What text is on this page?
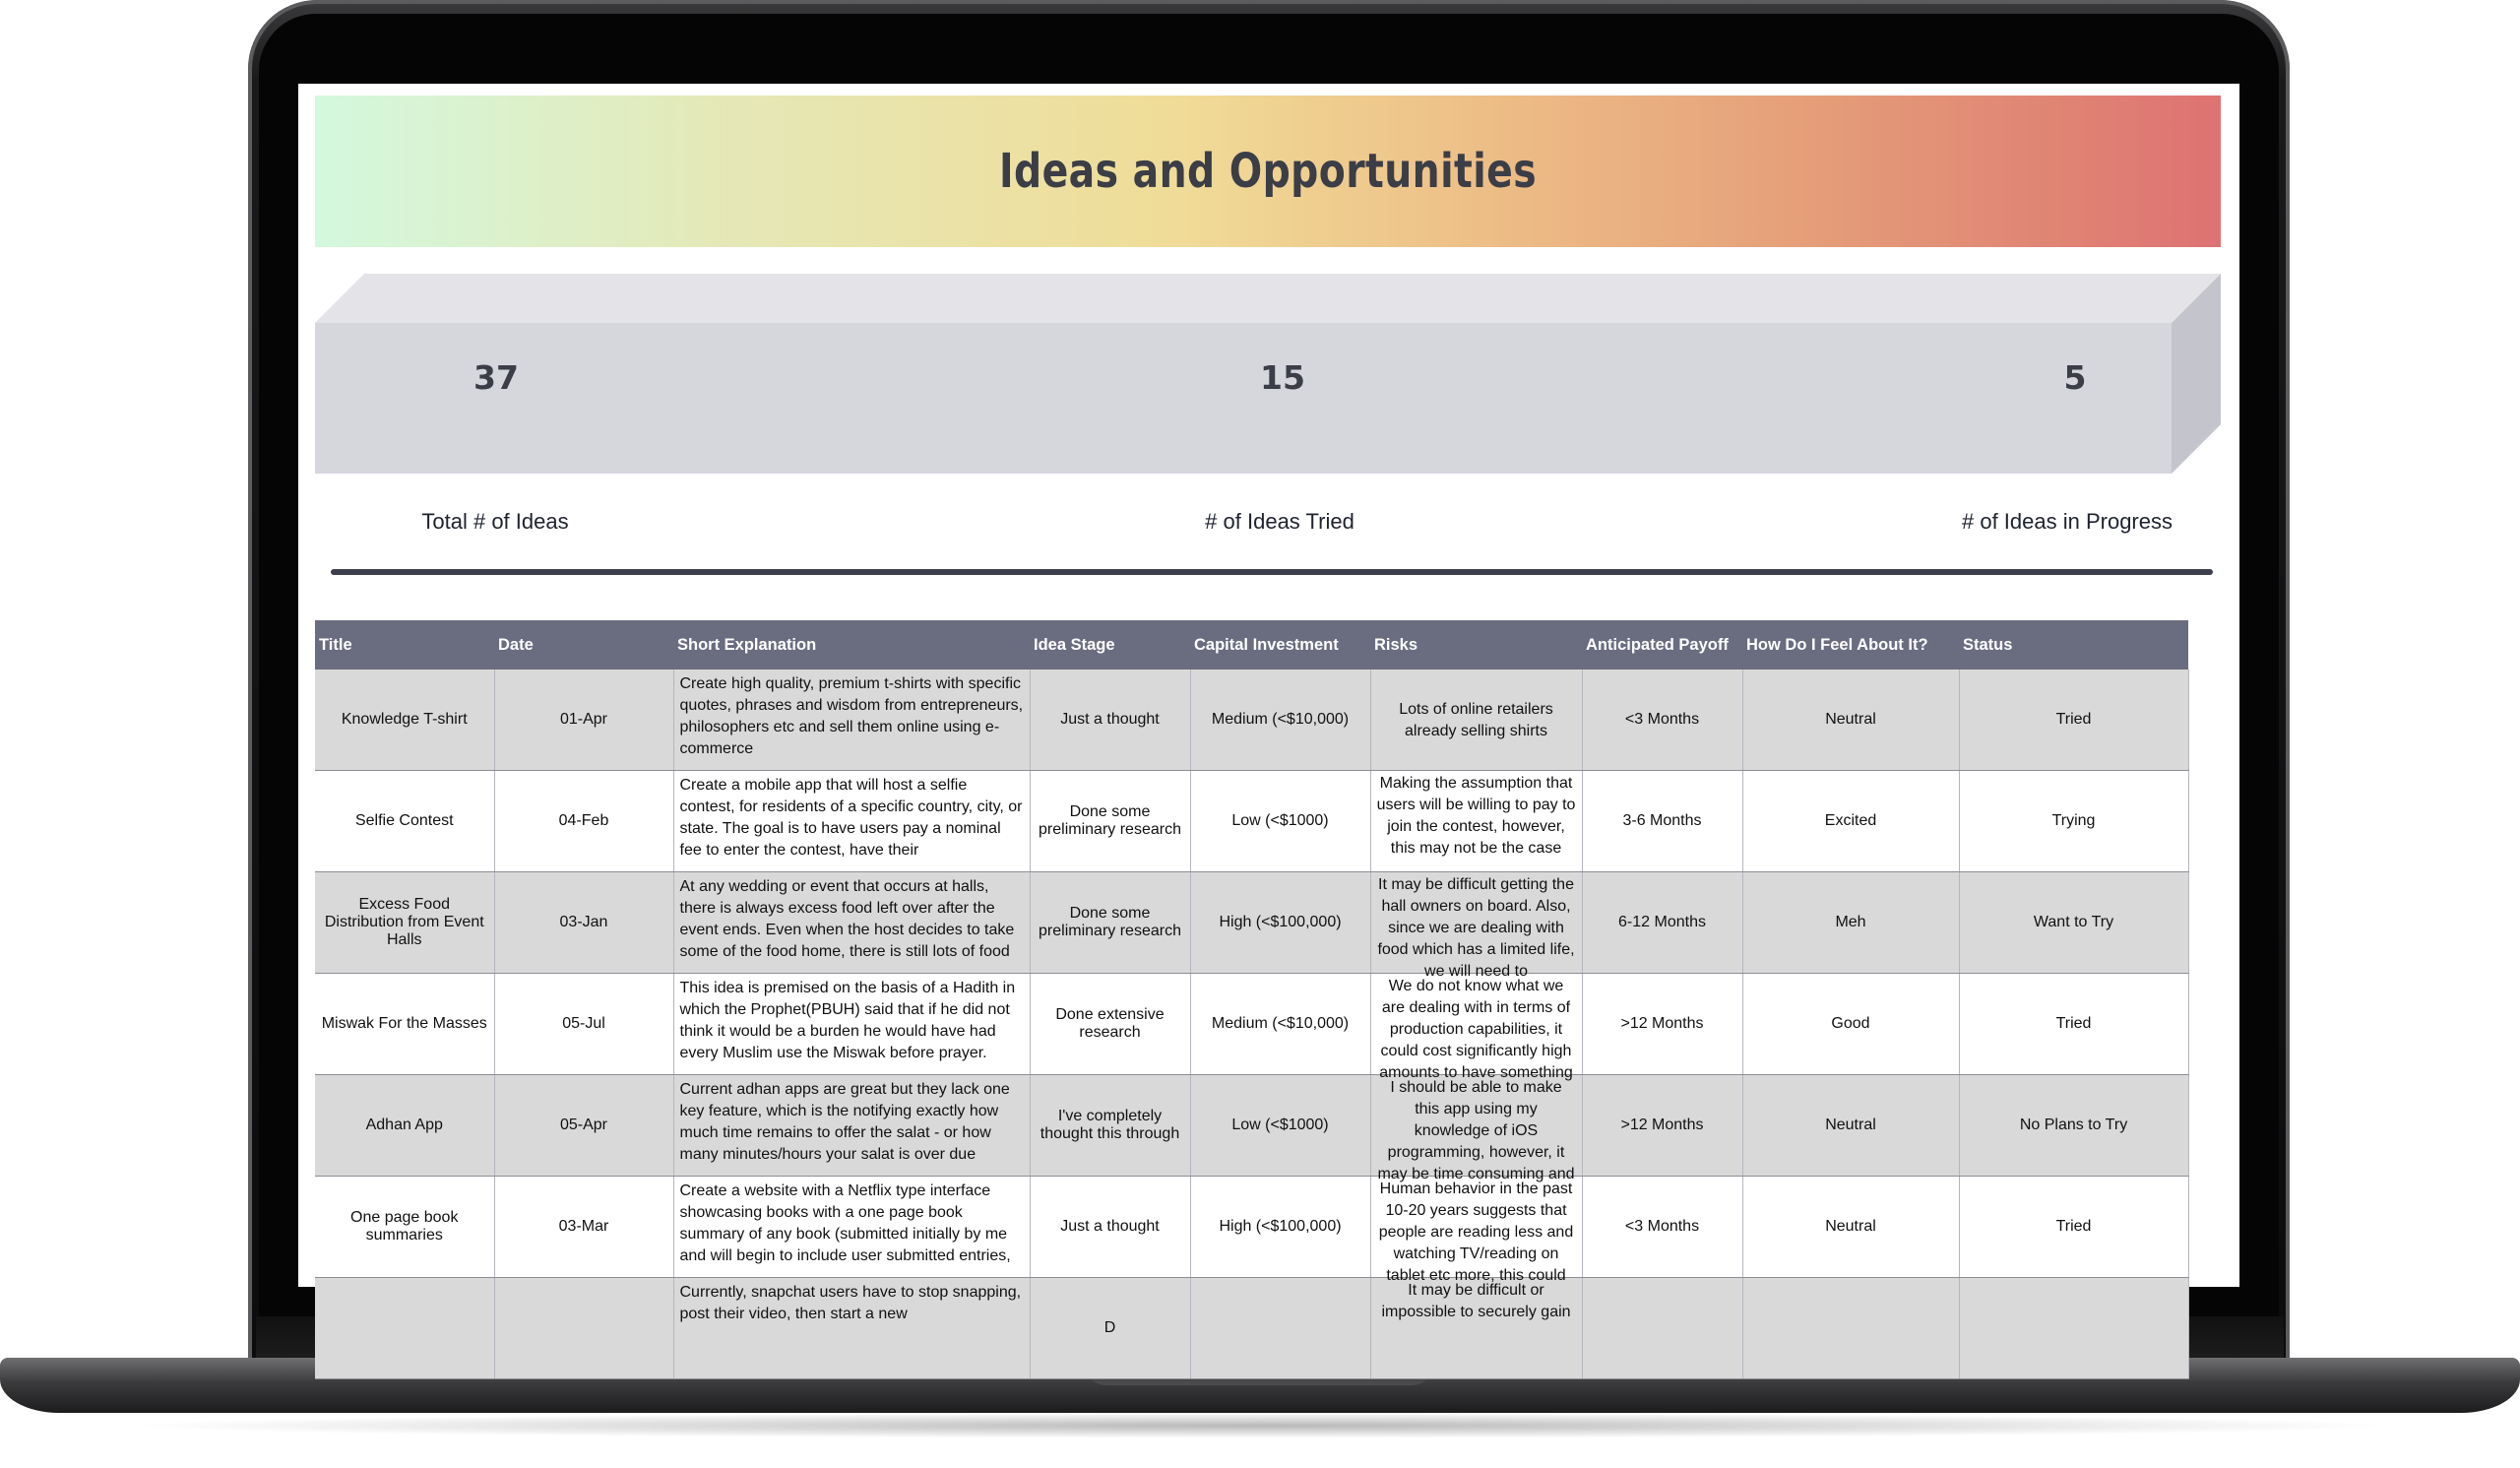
Ideas and Opportunities
37	15	5
Total # of Ideas	# of Ideas Tried	# of Ideas in Progress
Title	Date	Short Explanation	Idea Stage	Capital Investment	Risks	Anticipated Payoff	How Do I Feel About It?	Status
Knowledge T-shirt	01-Apr	Create high quality, premium t-shirts with specific quotes, phrases and wisdom from entrepreneurs, philosophers etc and sell them online using e-commerce	Just a thought	Medium (<$10,000)	Lots of online retailers already selling shirts	<3 Months	Neutral	Tried
Selfie Contest	04-Feb	Create a mobile app that will host a selfie contest, for residents of a specific country, city, or state. The goal is to have users pay a nominal fee to enter the contest, have their	Done some preliminary research	Low (<$1000)	Making the assumption that users will be willing to pay to join the contest, however, this may not be the case	3-6 Months	Excited	Trying
Excess Food Distribution from Event Halls	03-Jan	At any wedding or event that occurs at halls, there is always excess food left over after the event ends. Even when the host decides to take some of the food home, there is still lots of food	Done some preliminary research	High (<$100,000)	It may be difficult getting the hall owners on board. Also, since we are dealing with food which has a limited life, we will need to	6-12 Months	Meh	Want to Try
Miswak For the Masses	05-Jul	This idea is premised on the basis of a Hadith in which the Prophet(PBUH) said that if he did not think it would be a burden he would have had every Muslim use the Miswak before prayer.	Done extensive research	Medium (<$10,000)	We do not know what we are dealing with in terms of production capabilities, it could cost significantly high amounts to have something	>12 Months	Good	Tried
Adhan App	05-Apr	Current adhan apps are great but they lack one key feature, which is the notifying exactly how much time remains to offer the salat - or how many minutes/hours your salat is over due	I've completely thought this through	Low (<$1000)	I should be able to make this app using my knowledge of iOS programming, however, it may be time consuming and	>12 Months	Neutral	No Plans to Try
One page book summaries	03-Mar	Create a website with a Netflix type interface showcasing books with a one page book summary of any book (submitted initially by me and will begin to include user submitted entries,	Just a thought	High (<$100,000)	Human behavior in the past 10-20 years suggests that people are reading less and watching TV/reading on tablet etc more, this could	<3 Months	Neutral	Tried

		Currently, snapchat users have to stop snapping, post their video, then start a new	D		It may be difficult or impossible to securely gain			
